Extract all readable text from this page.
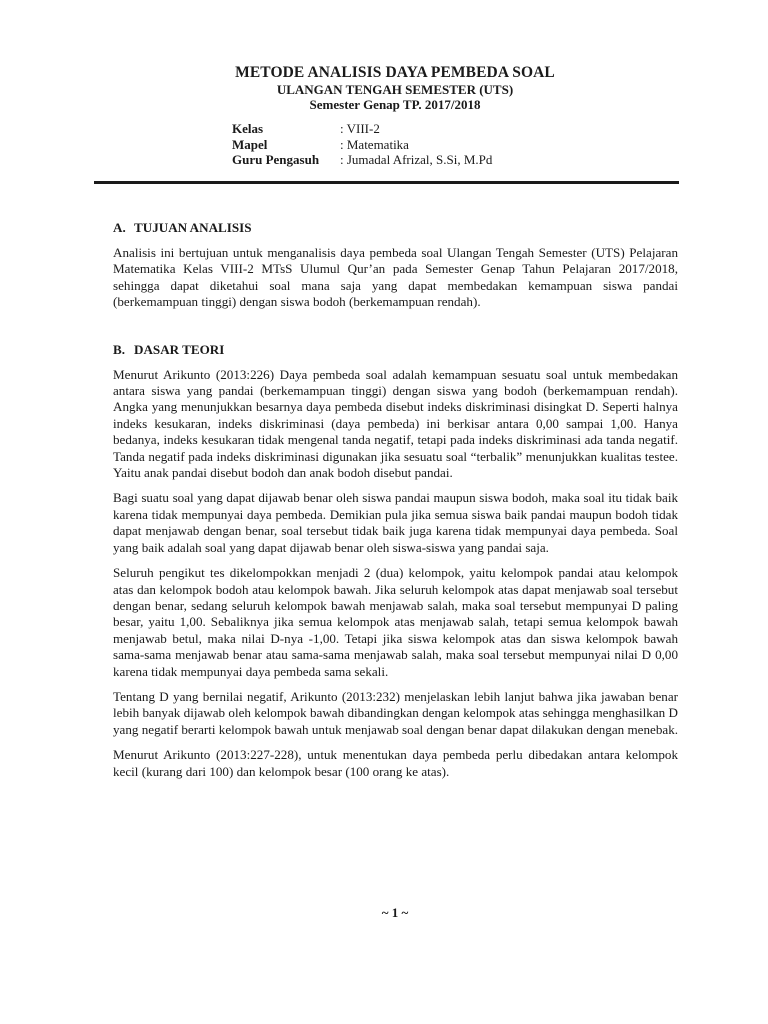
METODE ANALISIS DAYA PEMBEDA SOAL
ULANGAN TENGAH SEMESTER (UTS)
Semester Genap TP. 2017/2018
Kelas	: VIII-2
Mapel	: Matematika
Guru Pengasuh	: Jumadal Afrizal, S.Si, M.Pd
A. TUJUAN ANALISIS

Analisis ini bertujuan untuk menganalisis daya pembeda soal Ulangan Tengah Semester (UTS) Pelajaran Matematika Kelas VIII-2 MTsS Ulumul Qur’an pada Semester Genap Tahun Pelajaran 2017/2018, sehingga dapat diketahui soal mana saja yang dapat membedakan kemampuan siswa pandai (berkemampuan tinggi) dengan siswa bodoh (berkemampuan rendah).

B. DASAR TEORI

Menurut Arikunto (2013:226) Daya pembeda soal adalah kemampuan sesuatu soal untuk membedakan antara siswa yang pandai (berkemampuan tinggi) dengan siswa yang bodoh (berkemampuan rendah). Angka yang menunjukkan besarnya daya pembeda disebut indeks diskriminasi disingkat D. Seperti halnya indeks kesukaran, indeks diskriminasi (daya pembeda) ini berkisar antara 0,00 sampai 1,00. Hanya bedanya, indeks kesukaran tidak mengenal tanda negatif, tetapi pada indeks diskriminasi ada tanda negatif. Tanda negatif pada indeks diskriminasi digunakan jika sesuatu soal “terbalik” menunjukkan kualitas testee. Yaitu anak pandai disebut bodoh dan anak bodoh disebut pandai.

Bagi suatu soal yang dapat dijawab benar oleh siswa pandai maupun siswa bodoh, maka soal itu tidak baik karena tidak mempunyai daya pembeda. Demikian pula jika semua siswa baik pandai maupun bodoh tidak dapat menjawab dengan benar, soal tersebut tidak baik juga karena tidak mempunyai daya pembeda. Soal yang baik adalah soal yang dapat dijawab benar oleh siswa-siswa yang pandai saja.

Seluruh pengikut tes dikelompokkan menjadi 2 (dua) kelompok, yaitu kelompok pandai atau kelompok atas dan kelompok bodoh atau kelompok bawah. Jika seluruh kelompok atas dapat menjawab soal tersebut dengan benar, sedang seluruh kelompok bawah menjawab salah, maka soal tersebut mempunyai D paling besar, yaitu 1,00. Sebaliknya jika semua kelompok atas menjawab salah, tetapi semua kelompok bawah menjawab betul, maka nilai D-nya -1,00. Tetapi jika siswa kelompok atas dan siswa kelompok bawah sama-sama menjawab benar atau sama-sama menjawab salah, maka soal tersebut mempunyai nilai D 0,00 karena tidak mempunyai daya pembeda sama sekali.

Tentang D yang bernilai negatif, Arikunto (2013:232) menjelaskan lebih lanjut bahwa jika jawaban benar lebih banyak dijawab oleh kelompok bawah dibandingkan dengan kelompok atas sehingga menghasilkan D yang negatif berarti kelompok bawah untuk menjawab soal dengan benar dapat dilakukan dengan menebak.

Menurut Arikunto (2013:227-228), untuk menentukan daya pembeda perlu dibedakan antara kelompok kecil (kurang dari 100) dan kelompok besar (100 orang ke atas).

~ 1 ~
